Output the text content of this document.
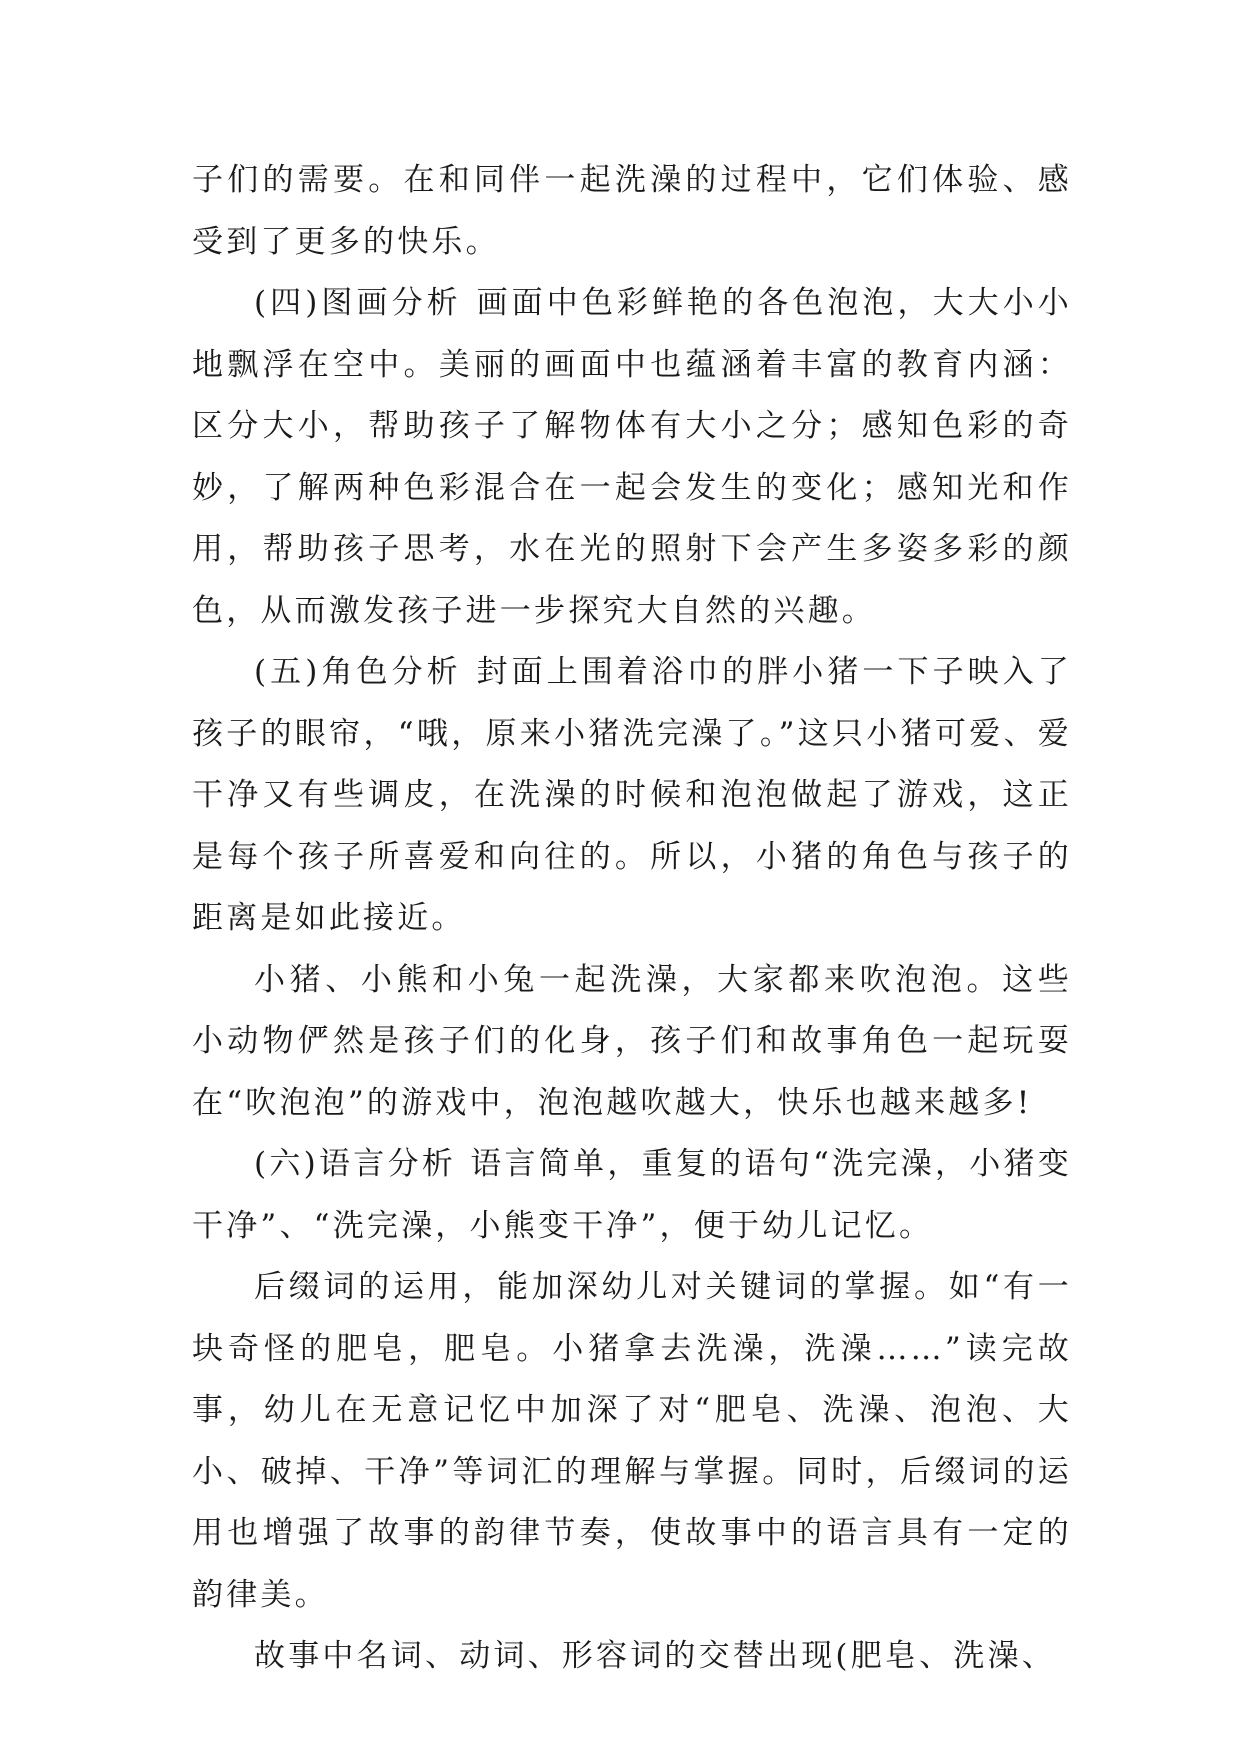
子们的需要。在和同伴一起洗澡的过程中，它们体验、感受到了更多的快乐。

(四)图画分析 画面中色彩鲜艳的各色泡泡，大大小小地飘浮在空中。美丽的画面中也蕴涵着丰富的教育内涵：区分大小，帮助孩子了解物体有大小之分；感知色彩的奇妙，了解两种色彩混合在一起会发生的变化；感知光和作用，帮助孩子思考，水在光的照射下会产生多姿多彩的颜色，从而激发孩子进一步探究大自然的兴趣。

(五)角色分析 封面上围着浴巾的胖小猪一下子映入了孩子的眼帘，“哦，原来小猪洗完澡了。”这只小猪可爱、爱干净又有些调皮，在洗澡的时候和泡泡做起了游戏，这正是每个孩子所喜爱和向往的。所以，小猪的角色与孩子的距离是如此接近。

小猪、小熊和小兔一起洗澡，大家都来吹泡泡。这些小动物俨然是孩子们的化身，孩子们和故事角色一起玩耍在“吹泡泡”的游戏中，泡泡越吹越大，快乐也越来越多!

(六)语言分析 语言简单，重复的语句“洗完澡，小猪变干净”、“洗完澡，小熊变干净”，便于幼儿记忆。

后缀词的运用，能加深幼儿对关键词的掌握。如“有一块奇怪的肥皂，肥皂。小猪拿去洗澡，洗澡……”读完故事，幼儿在无意记忆中加深了对“肥皂、洗澡、泡泡、大小、破掉、干净”等词汇的理解与掌握。同时，后缀词的运用也增强了故事的韵律节奏，使故事中的语言具有一定的韵律美。

故事中名词、动词、形容词的交替出现(肥皂、洗澡、
